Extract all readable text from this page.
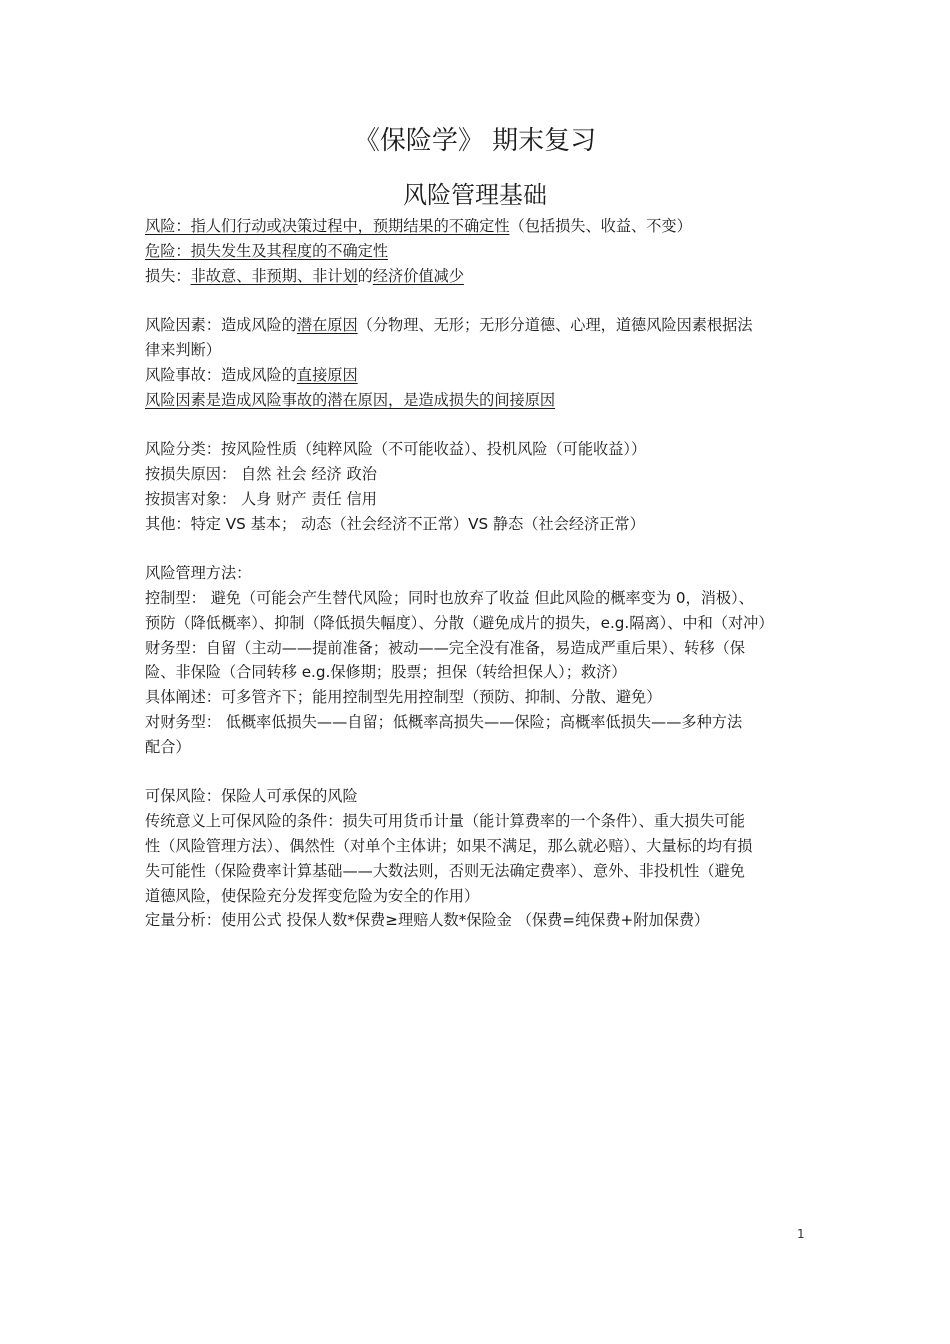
《保险学》 期末复习
风险管理基础
风险：指人们行动或决策过程中，预期结果的不确定性（包括损失、收益、不变）
危险：损失发生及其程度的不确定性
损失：非故意、非预期、非计划的经济价值减少
风险因素：造成风险的潜在原因（分物理、无形；无形分道德、心理，道德风险因素根据法
律来判断）
风险事故：造成风险的直接原因
风险因素是造成风险事故的潜在原因，是造成损失的间接原因
风险分类：按风险性质（纯粹风险（不可能收益）、投机风险（可能收益））
按损失原因： 自然 社会 经济 政治
按损害对象： 人身 财产 责任 信用
其他：特定 VS 基本； 动态（社会经济不正常）VS 静态（社会经济正常）
风险管理方法：
控制型： 避免（可能会产生替代风险；同时也放弃了收益 但此风险的概率变为 0，消极）、
预防（降低概率）、抑制（降低损失幅度）、分散（避免成片的损失，e.g.隔离）、中和（对冲）
财务型：自留（主动——提前准备；被动——完全没有准备，易造成严重后果）、转移（保
险、非保险（合同转移 e.g.保修期；股票；担保（转给担保人）；救济）
具体阐述：可多管齐下；能用控制型先用控制型（预防、抑制、分散、避免）
对财务型： 低概率低损失——自留；低概率高损失——保险；高概率低损失——多种方法
配合）
可保风险：保险人可承保的风险
传统意义上可保风险的条件：损失可用货币计量（能计算费率的一个条件）、重大损失可能
性（风险管理方法）、偶然性（对单个主体讲；如果不满足，那么就必赔）、大量标的均有损
失可能性（保险费率计算基础——大数法则，否则无法确定费率）、意外、非投机性（避免
道德风险，使保险充分发挥变危险为安全的作用）
定量分析：使用公式 投保人数*保费≥理赔人数*保险金 （保费=纯保费+附加保费）
1
